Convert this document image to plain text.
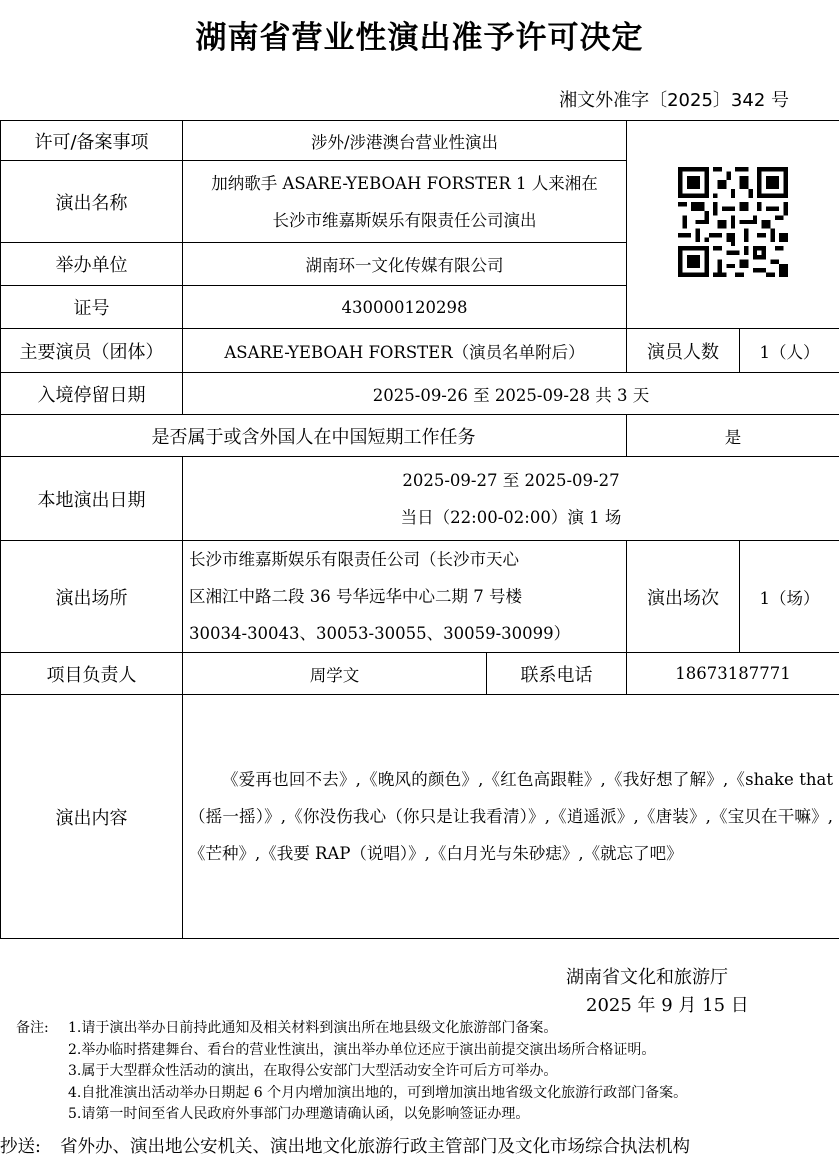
湖南省营业性演出准予许可决定
湘文外准字〔2025〕342 号
许可/备案事项	涉外/涉港澳台营业性演出	
演出名称	加纳歌手 ASARE-YEBOAH FORSTER 1 人来湘在
长沙市维嘉斯娱乐有限责任公司演出			

举办单位	湖南环一文化传媒有限公司			
证号	430000120298			
主要演员（团体）	ASARE-YEBOAH FORSTER（演员名单附后）		演员人数	1（人）
入境停留日期	2025-09-26 至 2025-09-28 共 3 天			
是否属于或含外国人在中国短期工作任务			是	
本地演出日期	2025-09-27 至 2025-09-27
当日（22:00-02:00）演 1 场			

演出场所	长沙市维嘉斯娱乐有限责任公司（长沙市天心
区湘江中路二段 36 号华远华中心二期 7 号楼
30034-30043、30053-30055、30059-30099）		演出场次	1（场）
项目负责人	周学文	联系电话	18673187771	
演出内容	《爱再也回不去》,《晚风的颜色》,《红色高跟鞋》,《我好想了解》,《shake that（摇一摇）》,《你没伤我心（你只是让我看清）》,《逍遥派》,《唐装》,《宝贝在干嘛》,《芒种》,《我要 RAP（说唱）》,《白月光与朱砂痣》,《就忘了吧》			
湖南省文化和旅游厅
2025 年 9 月 15 日
备注:	1.请于演出举办日前持此通知及相关材料到演出所在地县级文化旅游部门备案。
2.举办临时搭建舞台、看台的营业性演出，演出举办单位还应于演出前提交演出场所合格证明。
3.属于大型群众性活动的演出，在取得公安部门大型活动安全许可后方可举办。
4.自批准演出活动举办日期起 6 个月内增加演出地的，可到增加演出地省级文化旅游行政部门备案。
5.请第一时间至省人民政府外事部门办理邀请确认函，以免影响签证办理。
抄送: 省外办、演出地公安机关、演出地文化旅游行政主管部门及文化市场综合执法机构
